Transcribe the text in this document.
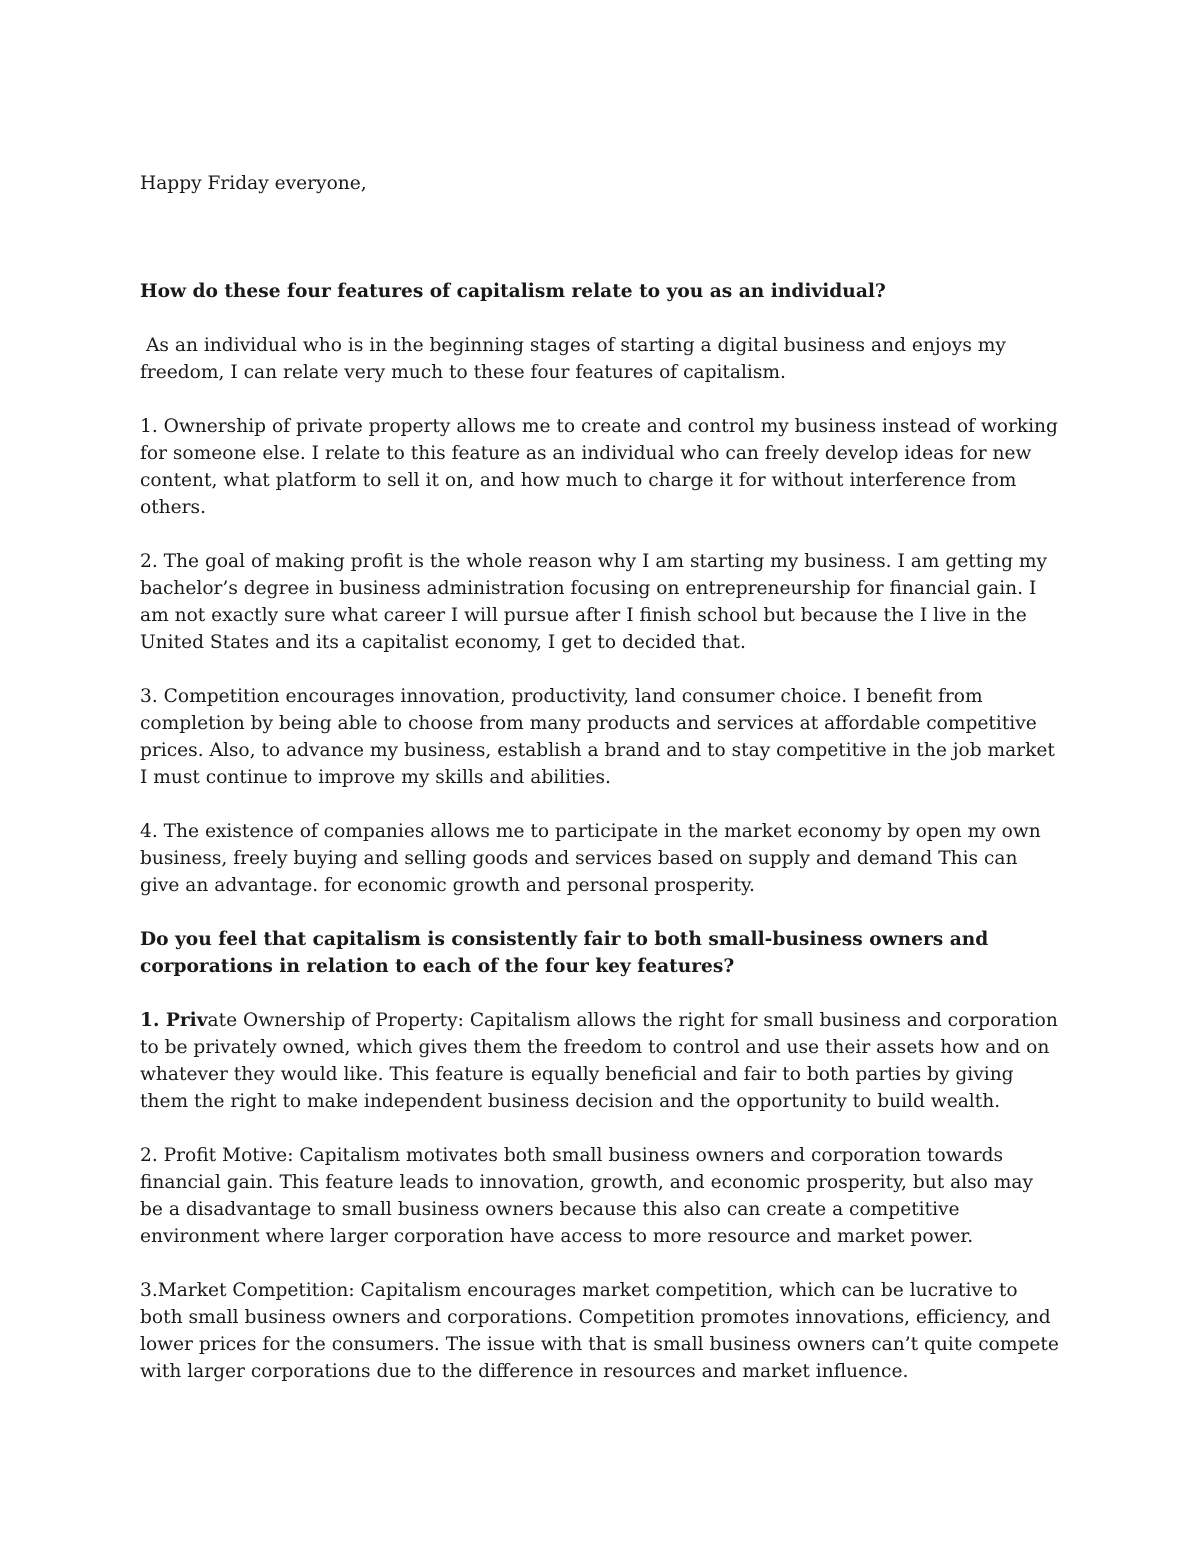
Happy Friday everyone,

How do these four features of capitalism relate to you as an individual?

As an individual who is in the beginning stages of starting a digital business and enjoys my freedom, I can relate very much to these four features of capitalism.

1. Ownership of private property allows me to create and control my business instead of working for someone else. I relate to this feature as an individual who can freely develop ideas for new content, what platform to sell it on, and how much to charge it for without interference from others.

2. The goal of making profit is the whole reason why I am starting my business. I am getting my bachelor’s degree in business administration focusing on entrepreneurship for financial gain. I am not exactly sure what career I will pursue after I finish school but because the I live in the United States and its a capitalist economy, I get to decided that.

3. Competition encourages innovation, productivity, land consumer choice. I benefit from completion by being able to choose from many products and services at affordable competitive prices. Also, to advance my business, establish a brand and to stay competitive in the job market I must continue to improve my skills and abilities.

4. The existence of companies allows me to participate in the market economy by open my own business, freely buying and selling goods and services based on supply and demand This can give an advantage. for economic growth and personal prosperity.

Do you feel that capitalism is consistently fair to both small-business owners and corporations in relation to each of the four key features?

1. Private Ownership of Property: Capitalism allows the right for small business and corporation to be privately owned, which gives them the freedom to control and use their assets how and on whatever they would like. This feature is equally beneficial and fair to both parties by giving them the right to make independent business decision and the opportunity to build wealth.

2. Profit Motive: Capitalism motivates both small business owners and corporation towards financial gain. This feature leads to innovation, growth, and economic prosperity, but also may be a disadvantage to small business owners because this also can create a competitive environment where larger corporation have access to more resource and market power.

3.Market Competition: Capitalism encourages market competition, which can be lucrative to both small business owners and corporations. Competition promotes innovations, efficiency, and lower prices for the consumers. The issue with that is small business owners can’t quite compete with larger corporations due to the difference in resources and market influence.
